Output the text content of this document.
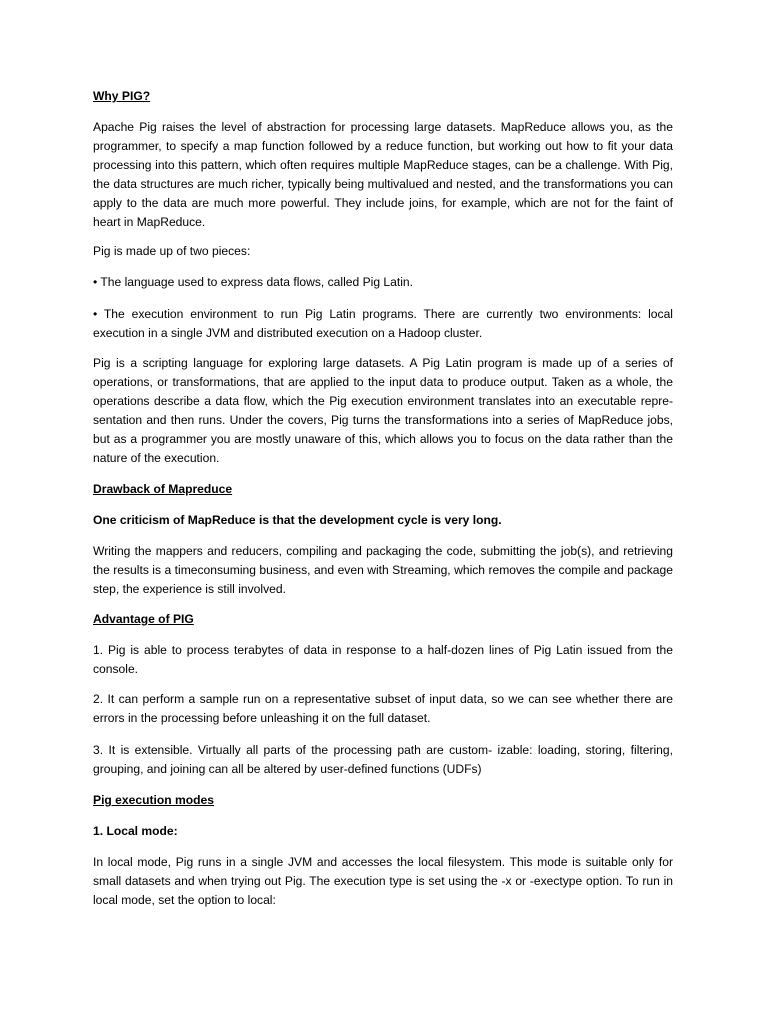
Why PIG?

Apache Pig raises the level of abstraction for processing large datasets. MapReduce allows you, as the programmer, to specify a map function followed by a reduce function, but working out how to fit your data processing into this pattern, which often requires multiple MapReduce stages, can be a challenge. With Pig, the data structures are much richer, typically being multivalued and nested, and the transformations you can apply to the data are much more powerful. They include joins, for example, which are not for the faint of heart in MapReduce.

Pig is made up of two pieces:

• The language used to express data flows, called Pig Latin.

• The execution environment to run Pig Latin programs. There are currently two environments: local execution in a single JVM and distributed execution on a Hadoop cluster.

Pig is a scripting language for exploring large datasets. A Pig Latin program is made up of a series of operations, or transformations, that are applied to the input data to produce output. Taken as a whole, the operations describe a data flow, which the Pig execution environment translates into an executable repre- sentation and then runs. Under the covers, Pig turns the transformations into a series of MapReduce jobs, but as a programmer you are mostly unaware of this, which allows you to focus on the data rather than the nature of the execution.

Drawback of Mapreduce

One criticism of MapReduce is that the development cycle is very long.

Writing the mappers and reducers, compiling and packaging the code, submitting the job(s), and retrieving the results is a timeconsuming business, and even with Streaming, which removes the compile and package step, the experience is still involved.

Advantage of PIG

1. Pig is able to process terabytes of data in response to a half-dozen lines of Pig Latin issued from the console.

2. It can perform a sample run on a representative subset of input data, so we can see whether there are errors in the processing before unleashing it on the full dataset.

3. It is extensible. Virtually all parts of the processing path are custom- izable: loading, storing, filtering, grouping, and joining can all be altered by user-defined functions (UDFs)

Pig execution modes

1. Local mode:

In local mode, Pig runs in a single JVM and accesses the local filesystem. This mode is suitable only for small datasets and when trying out Pig. The execution type is set using the -x or -exectype option. To run in local mode, set the option to local:
